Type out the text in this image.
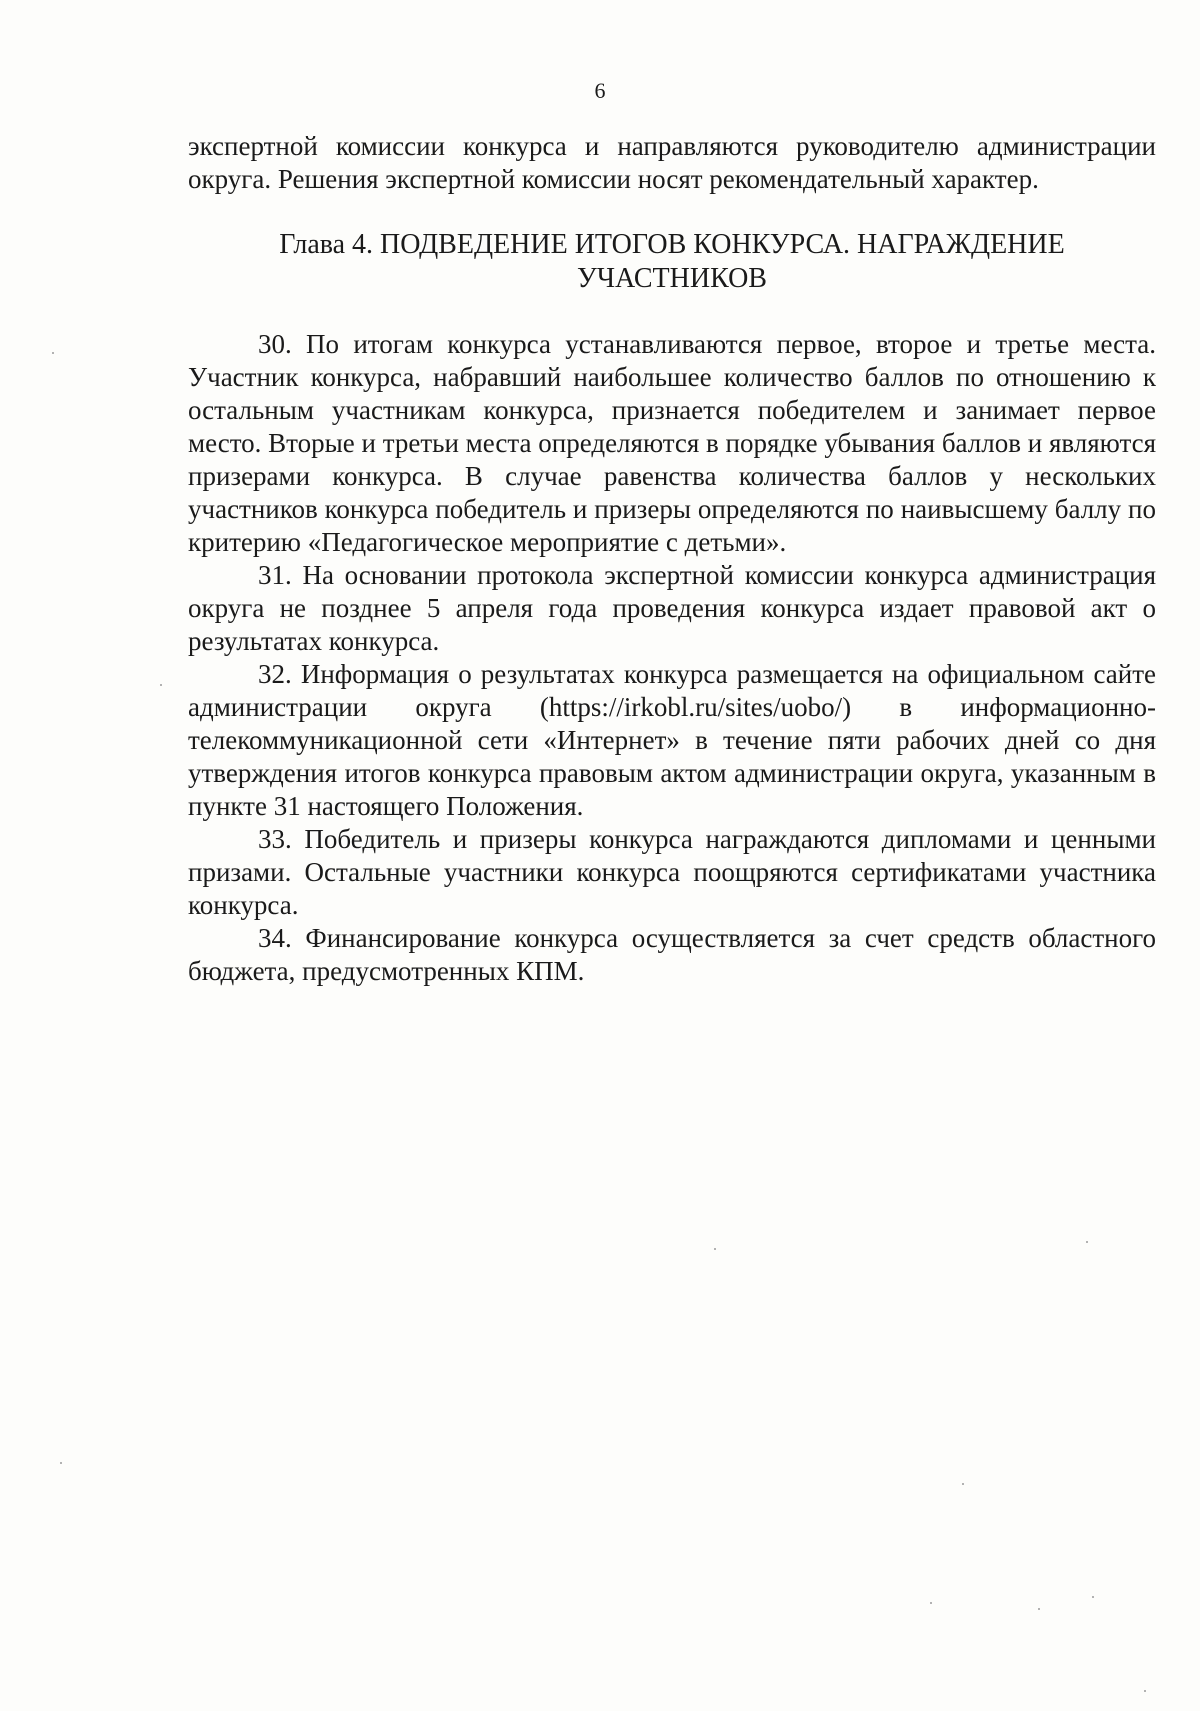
6

экспертной комиссии конкурса и направляются руководителю администрации округа. Решения экспертной комиссии носят рекомендательный характер.

Глава 4. ПОДВЕДЕНИЕ ИТОГОВ КОНКУРСА. НАГРАЖДЕНИЕ
УЧАСТНИКОВ

30. По итогам конкурса устанавливаются первое, второе и третье места. Участник конкурса, набравший наибольшее количество баллов по отношению к остальным участникам конкурса, признается победителем и занимает первое место. Вторые и третьи места определяются в порядке убывания баллов и являются призерами конкурса. В случае равенства количества баллов у нескольких участников конкурса победитель и призеры определяются по наивысшему баллу по критерию «Педагогическое мероприятие с детьми».

31. На основании протокола экспертной комиссии конкурса администрация округа не позднее 5 апреля года проведения конкурса издает правовой акт о результатах конкурса.

32. Информация о результатах конкурса размещается на официальном сайте администрации округа (https://irkobl.ru/sites/uobo/) в информационно-телекоммуникационной сети «Интернет» в течение пяти рабочих дней со дня утверждения итогов конкурса правовым актом администрации округа, указанным в пункте 31 настоящего Положения.

33. Победитель и призеры конкурса награждаются дипломами и ценными призами. Остальные участники конкурса поощряются сертификатами участника конкурса.

34. Финансирование конкурса осуществляется за счет средств областного бюджета, предусмотренных КПМ.
